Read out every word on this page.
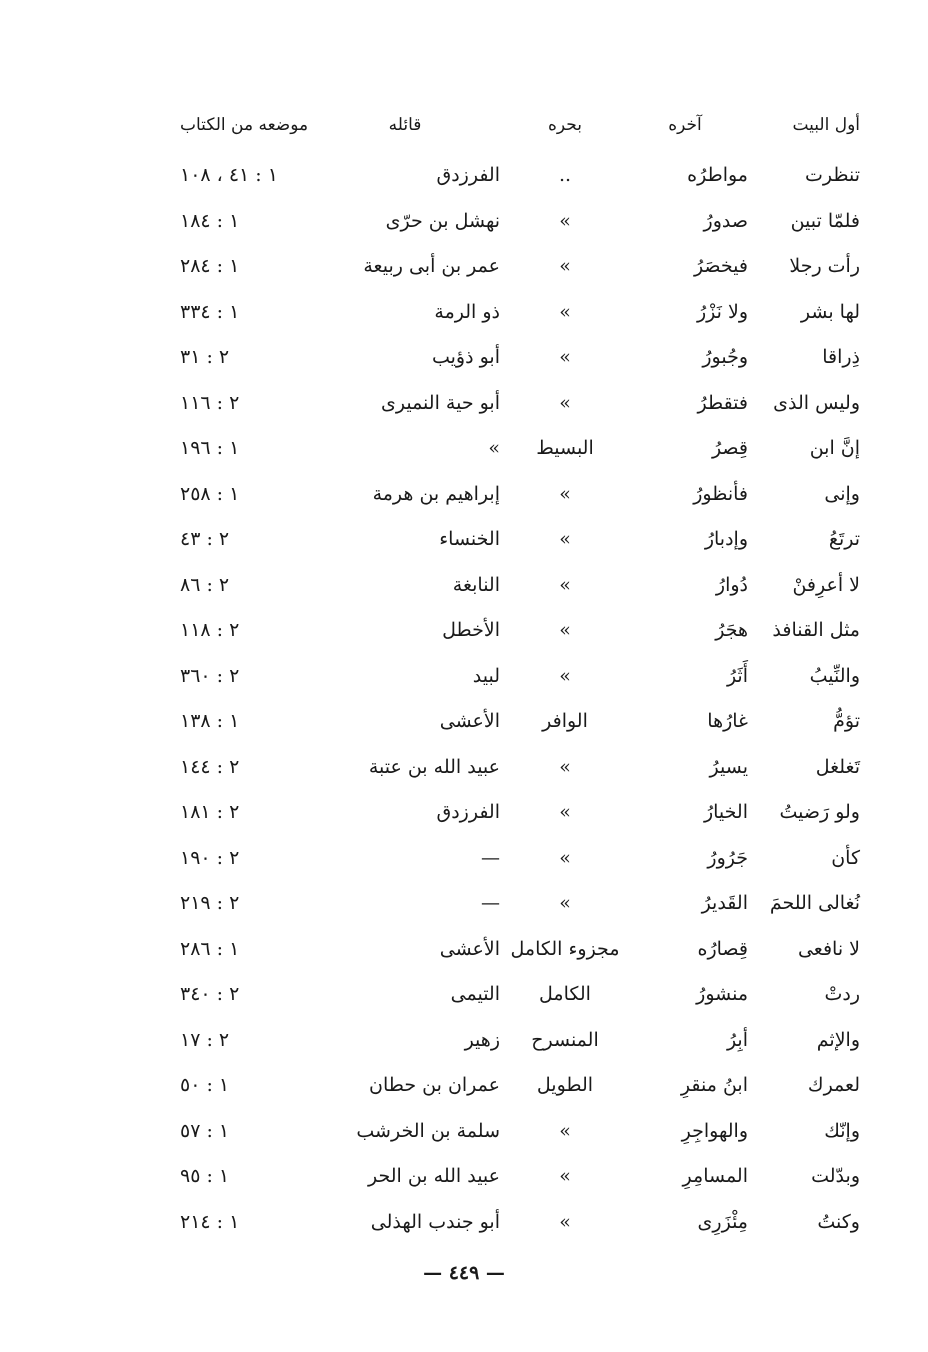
أول البيت
آخره
بحره
قائله
موضعه من الكتاب
تنظرت
مواطرُه
..
الفرزدق
١ : ٤١ ، ١٠٨
فلمّا تبين
صدورُ
»
نهشل بن حرّى
١ : ١٨٤
رأت رجلا
فيخصَرُ
»
عمر بن أبى ربيعة
١ : ٢٨٤
لها بشر
ولا نَزْرُ
»
ذو الرمة
١ : ٣٣٤
ذِراقا
وجُبورُ
»
أبو ذؤيب
٢ : ٣١
وليس الذى
فتقطرُ
»
أبو حية النميرى
٢ : ١١٦
إنَّ ابن
قِصرُ
البسيط
»
١ : ١٩٦
وإنى
فأنظورُ
»
إبراهيم بن هرمة
١ : ٢٥٨
ترتَعُ
وإدبارُ
»
الخنساء
٢ : ٤٣
لا أعرِفنْ
دُوارُ
»
النابغة
٢ : ٨٦
مثل القنافذ
هجَرُ
»
الأخطل
٢ : ١١٨
والنِّيبُ
أَثَرُ
»
لبيد
٢ : ٣٦٠
تؤمُّ
غارُها
الوافر
الأعشى
١ : ١٣٨
تَغلغل
يسيرُ
»
عبيد الله بن عتبة
٢ : ١٤٤
ولو رَضيتُ
الخيارُ
»
الفرزدق
٢ : ١٨١
كأن
جَرُورُ
»
—
٢ : ١٩٠
نُغالى اللحمَ
القَديرُ
»
—
٢ : ٢١٩
لا نافعى
قِصارُه
مجزوء الكامل
الأعشى
١ : ٢٨٦
ردتْ
منشورُ
الكامل
التيمى
٢ : ٣٤٠
والإثم
أبِرُ
المنسرح
زهير
٢ : ١٧
لعمرك
ابنُ منقرِ
الطويل
عمران بن حطان
١ : ٥٠
وإنّك
والهواجِرِ
»
سلمة بن الخرشب
١ : ٥٧
وبدّلت
المسامِرِ
»
عبيد الله بن الحر
١ : ٩٥
وكنتُ
مِئْزَرِى
»
أبو جندب الهذلى
١ : ٢١٤
— ٤٤٩ —
